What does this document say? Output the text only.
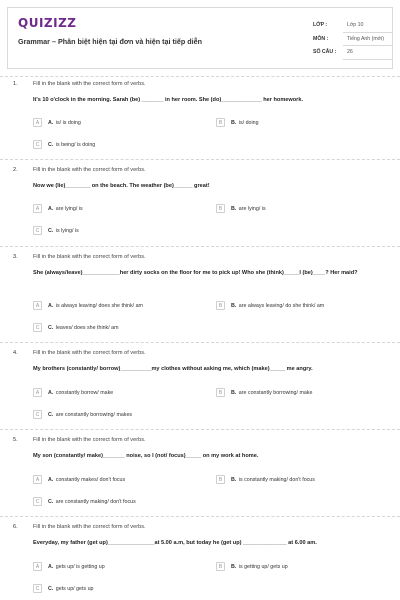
QUIZIZZ
Grammar – Phân biệt hiện tại đơn và hiện tại tiếp diễn
LỚP :	Lớp 10
MÔN :	Tiếng Anh (mới)
SỐ CÂU : 26
1.	Fill in the blank with the correct form of verbs.
It's 10 o'clock in the morning. Sarah (be) _______ in her room. She (do)_____________ her homework.
A	A. is/ is doing	B	B. is/ doing
C	C. is being/ is doing
2.	Fill in the blank with the correct form of verbs.
Now we (lie)________ on the beach. The weather (be)______ great!
A	A. are lying/ is	B	B. are lying/ is
C	C. is lying/ is
3.	Fill in the blank with the correct form of verbs.
She (always/leave)____________her dirty socks on the floor for me to pick up! Who she (think)_____I (be)____? Her maid?
A	A. is always leaving/ does she think/ am	B	B. are always leaving/ do she think/ am
C	C. leaves/ does she think/ am
4.	Fill in the blank with the correct form of verbs.
My brothers (constantly/ borrow)__________my clothes without asking me, which (make)_____ me angry.
A	A. constantly borrow/ make	B	B. are constantly borrowing/ make
C	C. are constantly borrowing/ makes
5.	Fill in the blank with the correct form of verbs.
My son (constantly/ make)_______ noise, so I (not/ focus)_____ on my work at home.
A	A. constantly makes/ don't focus	B	B. is constantly making/ don't focus
C	C. are constantly making/ don't focus
6.	Fill in the blank with the correct form of verbs.
Everyday, my father (get up)_______________at 5.00 a.m, but today he (get up) ______________ at 6.00 am.
A	A. gets up/ is getting up	B	B. is getting up/ gets up
C	C. gets up/ gets up
